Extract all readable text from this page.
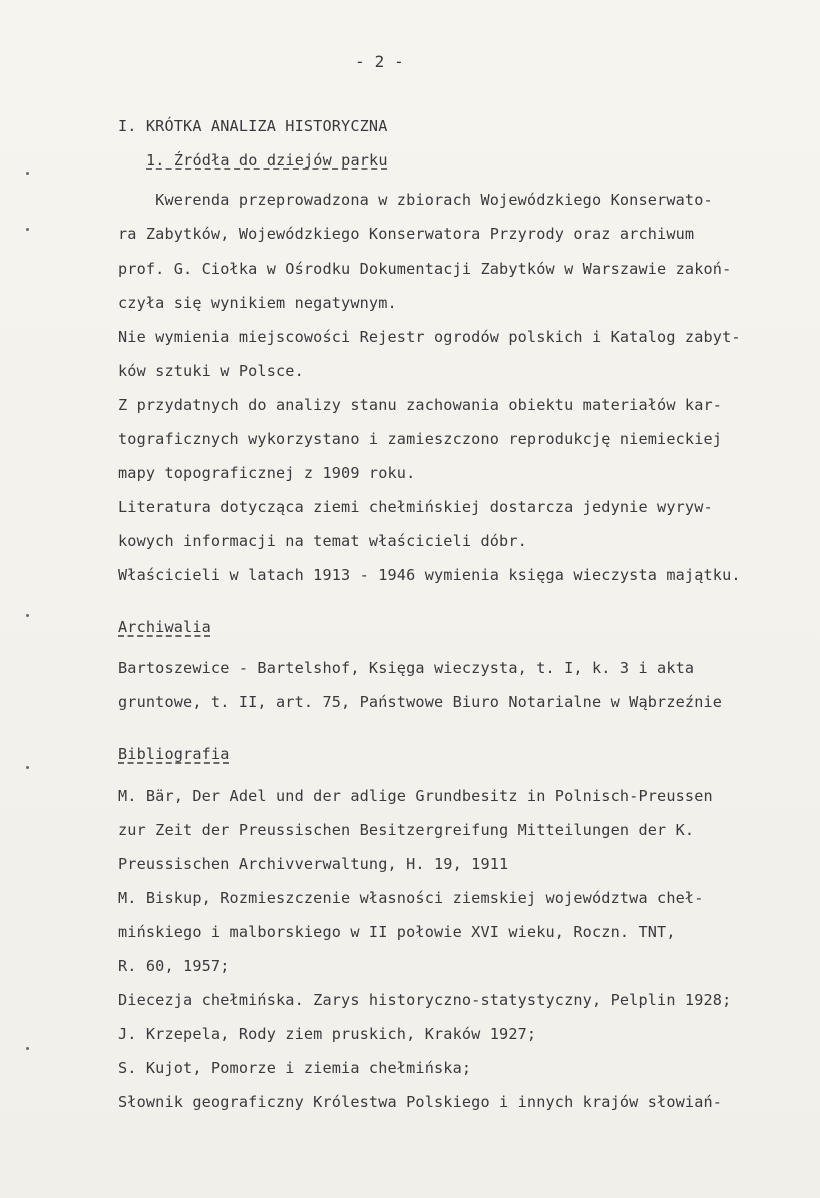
- 2 -
I. KRÓTKA ANALIZA HISTORYCZNA
1. Źródła do dziejów parku
Kwerenda przeprowadzona w zbiorach Wojewódzkiego Konserwato-
ra Zabytków, Wojewódzkiego Konserwatora Przyrody oraz archiwum
prof. G. Ciołka w Ośrodku Dokumentacji Zabytków w Warszawie zakoń-
czyła się wynikiem negatywnym.
Nie wymienia miejscowości Rejestr ogrodów polskich i Katalog zabyt-
ków sztuki w Polsce.
Z przydatnych do analizy stanu zachowania obiektu materiałów kar-
tograficznych wykorzystano i zamieszczono reprodukcję niemieckiej
mapy topograficznej z 1909 roku.
Literatura dotycząca ziemi chełmińskiej dostarcza jedynie wyryw-
kowych informacji na temat właścicieli dóbr.
Właścicieli w latach 1913 - 1946 wymienia księga wieczysta majątku.
Archiwalia
Bartoszewice - Bartelshof, Księga wieczysta, t. I, k. 3 i akta
gruntowe, t. II, art. 75, Państwowe Biuro Notarialne w Wąbrzeźnie
Bibliografia
M. Bär, Der Adel und der adlige Grundbesitz in Polnisch-Preussen
zur Zeit der Preussischen Besitzergreifung Mitteilungen der K.
Preussischen Archivverwaltung, H. 19, 1911
M. Biskup, Rozmieszczenie własności ziemskiej województwa cheł-
mińskiego i malborskiego w II połowie XVI wieku, Roczn. TNT,
R. 60, 1957;
Diecezja chełmińska. Zarys historyczno-statystyczny, Pelplin 1928;
J. Krzepela, Rody ziem pruskich, Kraków 1927;
S. Kujot, Pomorze i ziemia chełmińska;
Słownik geograficzny Królestwa Polskiego i innych krajów słowiań-
